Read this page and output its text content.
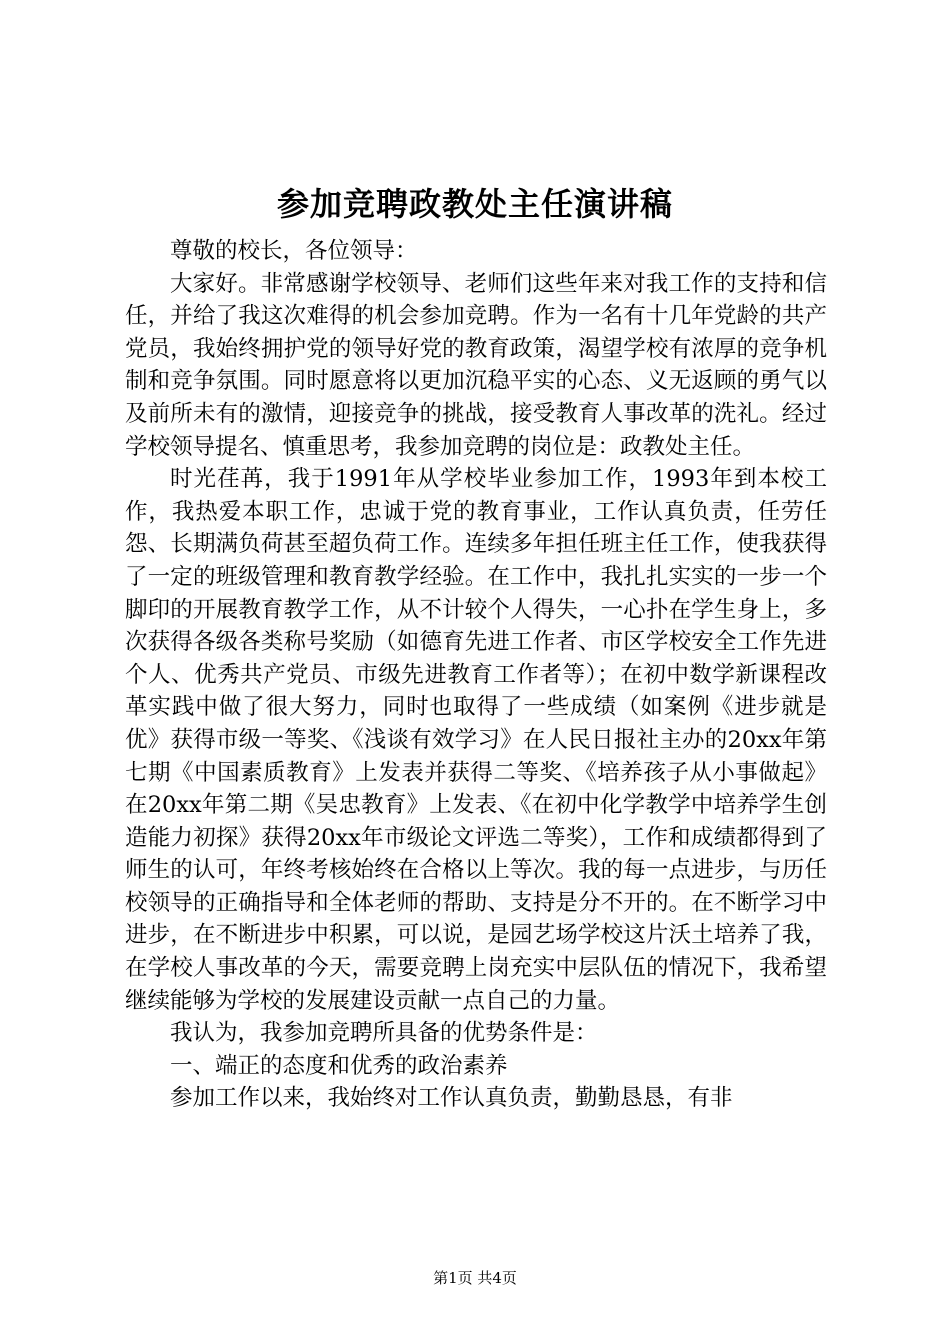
参加竞聘政教处主任演讲稿

尊敬的校长，各位领导：

大家好。非常感谢学校领导、老师们这些年来对我工作的支持和信任，并给了我这次难得的机会参加竞聘。作为一名有十几年党龄的共产党员，我始终拥护党的领导好党的教育政策，渴望学校有浓厚的竞争机制和竞争氛围。同时愿意将以更加沉稳平实的心态、义无返顾的勇气以及前所未有的激情，迎接竞争的挑战，接受教育人事改革的洗礼。经过学校领导提名、慎重思考，我参加竞聘的岗位是：政教处主任。

时光荏苒，我于1991年从学校毕业参加工作，1993年到本校工作，我热爱本职工作，忠诚于党的教育事业，工作认真负责，任劳任怨、长期满负荷甚至超负荷工作。连续多年担任班主任工作，使我获得了一定的班级管理和教育教学经验。在工作中，我扎扎实实的一步一个脚印的开展教育教学工作，从不计较个人得失，一心扑在学生身上，多次获得各级各类称号奖励（如德育先进工作者、市区学校安全工作先进个人、优秀共产党员、市级先进教育工作者等）；在初中数学新课程改革实践中做了很大努力，同时也取得了一些成绩（如案例《进步就是优》获得市级一等奖、《浅谈有效学习》在人民日报社主办的20xx年第七期《中国素质教育》上发表并获得二等奖、《培养孩子从小事做起》在20xx年第二期《吴忠教育》上发表、《在初中化学教学中培养学生创造能力初探》获得20xx年市级论文评选二等奖），工作和成绩都得到了师生的认可，年终考核始终在合格以上等次。我的每一点进步，与历任校领导的正确指导和全体老师的帮助、支持是分不开的。在不断学习中进步，在不断进步中积累，可以说，是园艺场学校这片沃土培养了我，在学校人事改革的今天，需要竞聘上岗充实中层队伍的情况下，我希望继续能够为学校的发展建设贡献一点自己的力量。

我认为，我参加竞聘所具备的优势条件是：

一、端正的态度和优秀的政治素养

参加工作以来，我始终对工作认真负责，勤勤恳恳，有非

第1页 共4页
